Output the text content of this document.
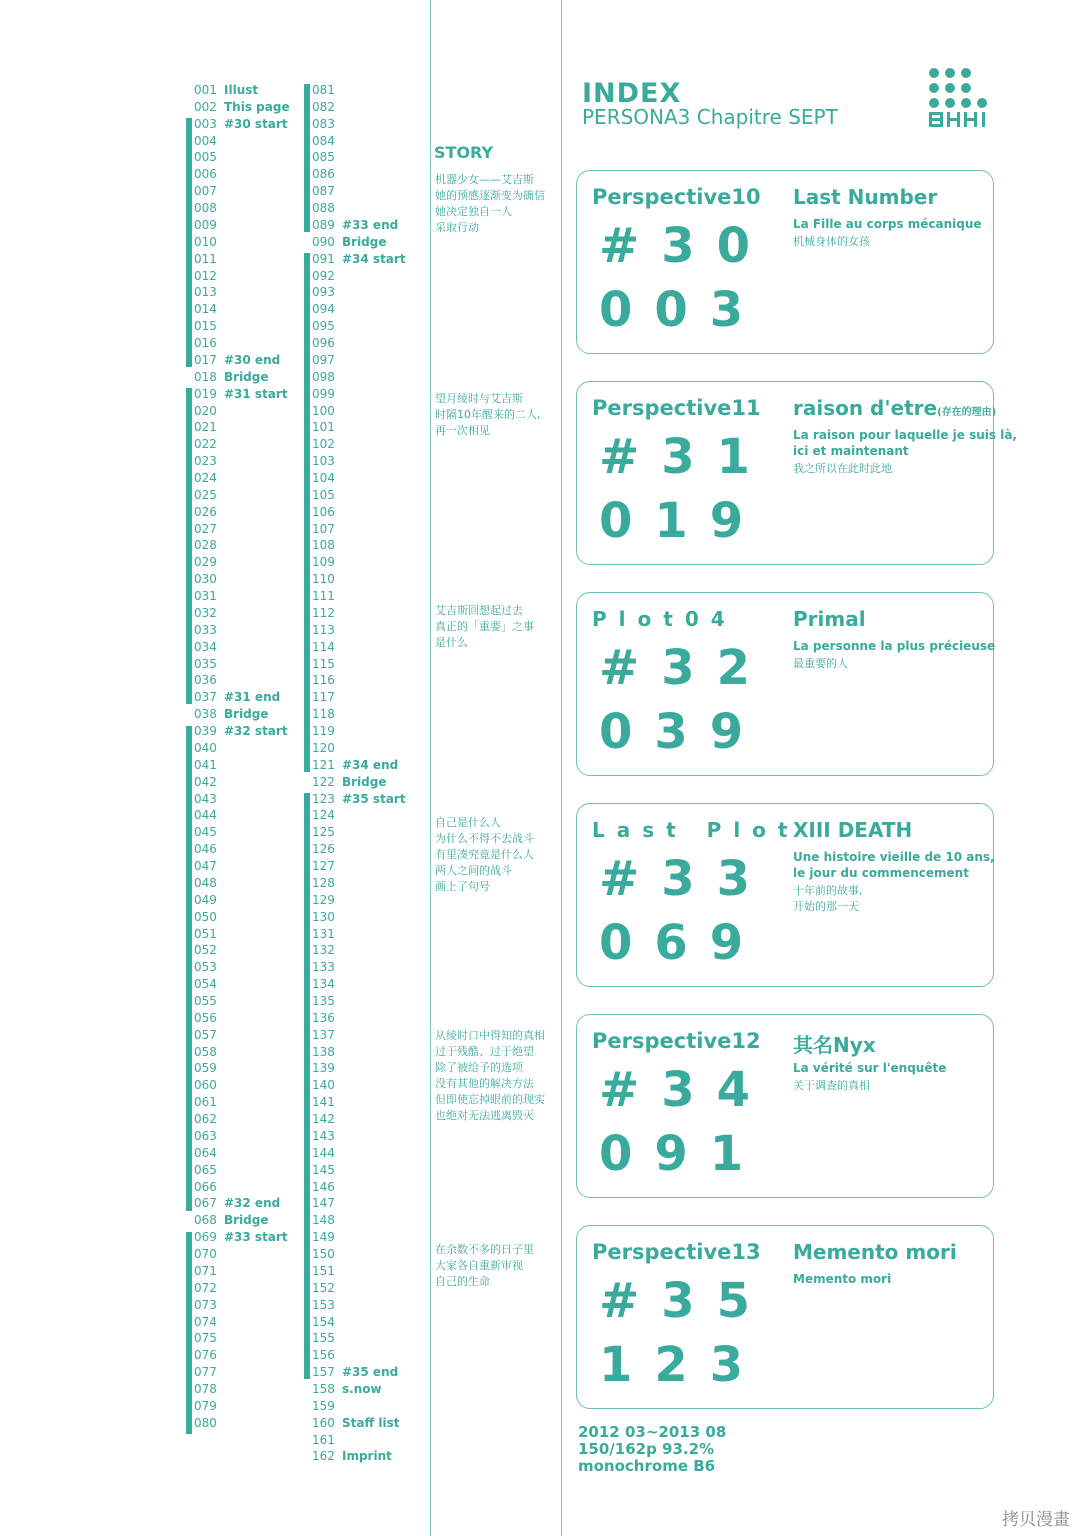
001 Illust
002 This page
003 #30 start
004
005
006
007
008
009
010
011
012
013
014
015
016
017 #30 end
018 Bridge
019 #31 start
020
021
022
023
024
025
026
027
028
029
030
031
032
033
034
035
036
037 #31 end
038 Bridge
039 #32 start
040
041
042
043
044
045
046
047
048
049
050
051
052
053
054
055
056
057
058
059
060
061
062
063
064
065
066
067 #32 end
068 Bridge
069 #33 start
070
071
072
073
074
075
076
077
078
079
080
081
082
083
084
085
086
087
088
089 #33 end
090 Bridge
091 #34 start
092
093
094
095
096
097
098
099
100
101
102
103
104
105
106
107
108
109
110
111
112
113
114
115
116
117
118
119
120
121 #34 end
122 Bridge
123 #35 start
124
125
126
127
128
129
130
131
132
133
134
135
136
137
138
139
140
141
142
143
144
145
146
147
148
149
150
151
152
153
154
155
156
157 #35 end
158 s.now
159
160 Staff list
161
162 Imprint
INDEX
PERSONA3 Chapitre SEPT
STORY
机器少女——艾吉斯
她的预感逐渐变为确信
她决定独自一人
采取行动
望月绫时与艾吉斯
时隔10年醒来的二人,
再一次相见
艾吉斯回想起过去
真正的「重要」之事
是什么
自己是什么人
为什么不得不去战斗
有里凑究竟是什么人
两人之间的战斗
画上了句号
从绫时口中得知的真相
过于残酷、过于绝望
除了被给予的选项
没有其他的解决方法
但即使忘掉眼前的现实
也绝对无法逃离毁灭
在余数不多的日子里
大家各自重新审视
自己的生命
Perspective10
#30
003
Last Number
La Fille au corps mécanique
机械身体的女孩
Perspective11
#31
019
raison d'etre(存在的理由)
La raison pour laquelle je suis là,
ici et maintenant
我之所以在此时此地
Plot04
#32
039
Primal
La personne la plus précieuse
最重要的人
Last Plot
#33
069
XIII DEATH
Une histoire vieille de 10 ans,
le jour du commencement
十年前的故事,
开始的那一天
Perspective12
#34
091
其名Nyx
La vérité sur l'enquête
关于调查的真相
Perspective13
#35
123
Memento mori
Memento mori
2012 03~2013 08
150/162p 93.2%
monochrome B6
拷贝漫畫
